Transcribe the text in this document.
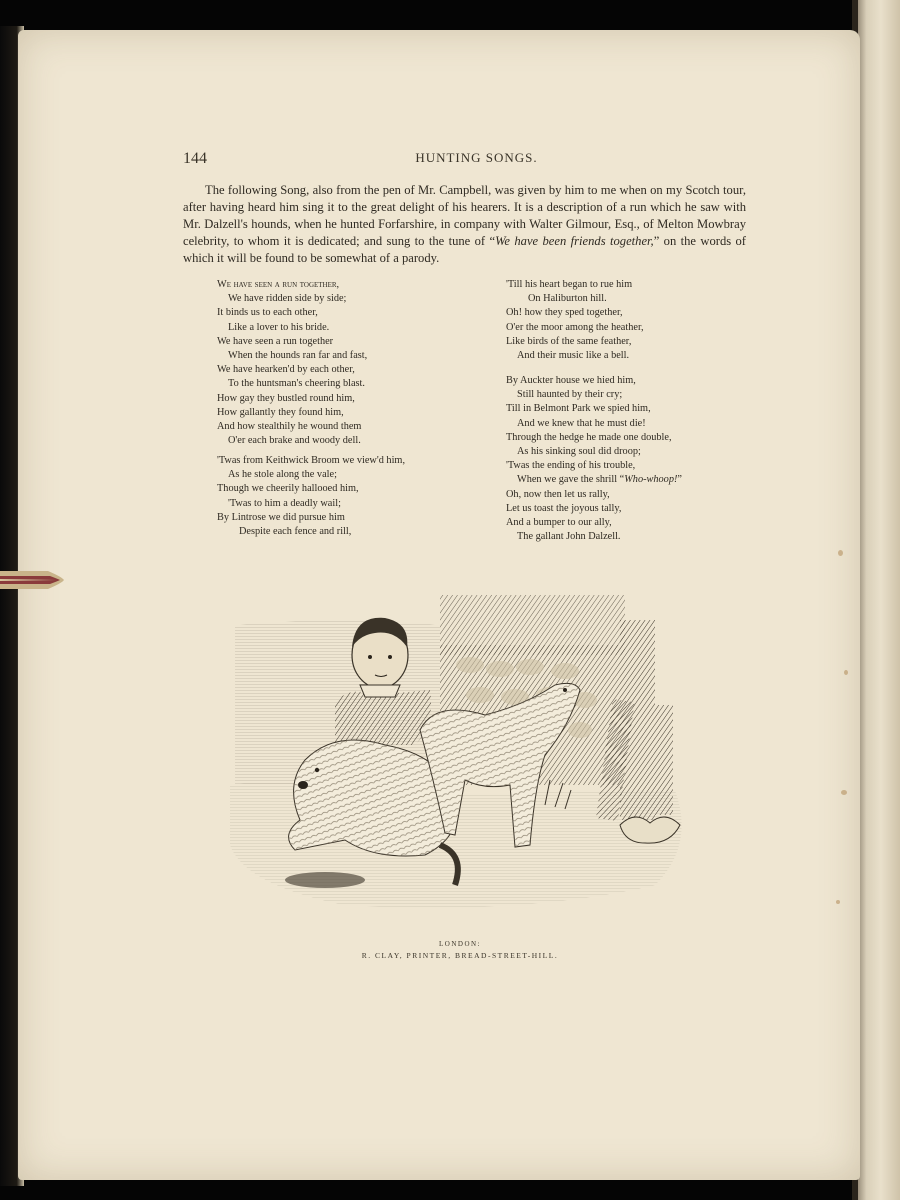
144	HUNTING SONGS.

The following Song, also from the pen of Mr. Campbell, was given by him to me when on my Scotch tour, after having heard him sing it to the great delight of his hearers. It is a description of a run which he saw with Mr. Dalzell's hounds, when he hunted Forfarshire, in company with Walter Gilmour, Esq., of Melton Mowbray celebrity, to whom it is dedicated; and sung to the tune of “We have been friends together,” on the words of which it will be found to be somewhat of a parody.

We have seen a run together,
We have ridden side by side;
It binds us to each other,
Like a lover to his bride.
We have seen a run together
When the hounds ran far and fast,
We have hearken'd by each other,
To the huntsman's cheering blast.
How gay they bustled round him,
How gallantly they found him,
And how stealthily he wound them
O'er each brake and woody dell.
'Twas from Keithwick Broom we view'd him,
As he stole along the vale;
Though we cheerily hallooed him,
'Twas to him a deadly wail;
By Lintrose we did pursue him
Despite each fence and rill,
'Till his heart began to rue him
On Haliburton hill.
Oh! how they sped together,
O'er the moor among the heather,
Like birds of the same feather,
And their music like a bell.
By Auckter house we hied him,
Still haunted by their cry;
Till in Belmont Park we spied him,
And we knew that he must die!
Through the hedge he made one double,
As his sinking soul did droop;
'Twas the ending of his trouble,
When we gave the shrill “Who-whoop!”
Oh, now then let us rally,
Let us toast the joyous tally,
And a bumper to our ally,
The gallant John Dalzell.
LONDON:
R. CLAY, PRINTER, BREAD-STREET-HILL.
